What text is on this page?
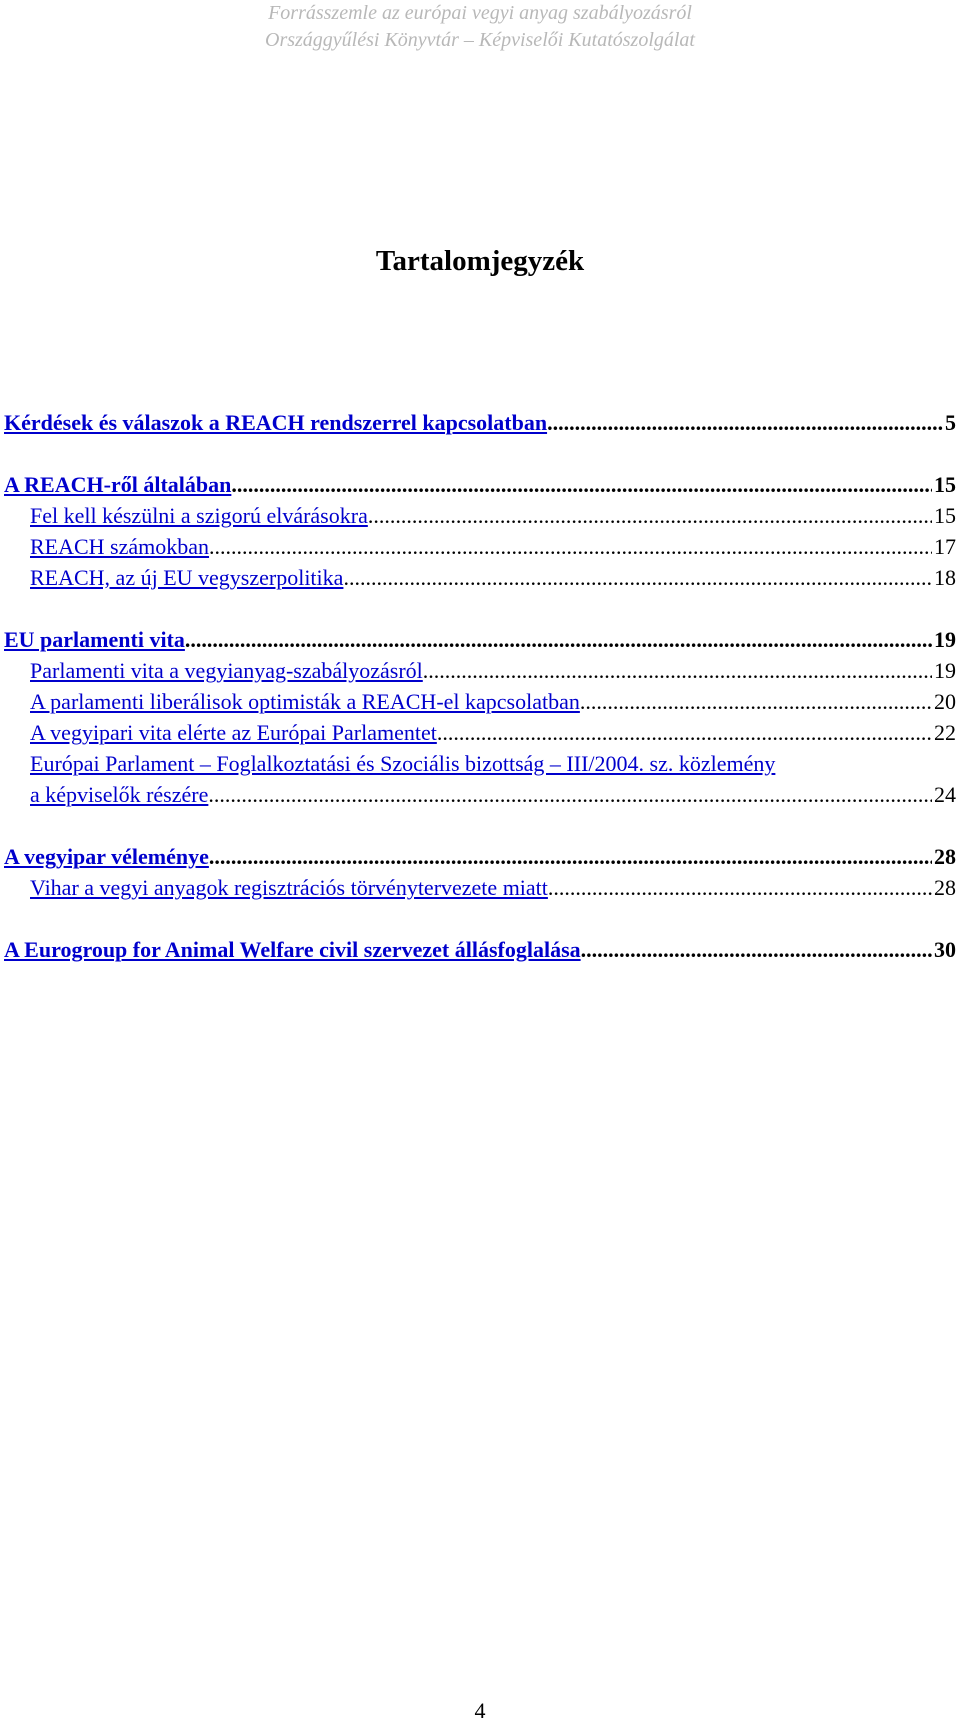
Forrásszemle az európai vegyi anyag szabályozásról
Országgyűlési Könyvtár – Képviselői Kutatószolgálat
Tartalomjegyzék
Kérdések és válaszok a REACH rendszerrel kapcsolatban .....	5
A REACH-ről általában .....	15
Fel kell készülni a szigorú elvárásokra .....	15
REACH számokban .....	17
REACH, az új EU vegyszerpolitika .....	18
EU parlamenti vita .....	19
Parlamenti vita a vegyianyag-szabályozásról .....	19
A parlamenti liberálisok optimisták a REACH-el kapcsolatban .....	20
A vegyipari vita elérte az Európai Parlamentet .....	22
Európai Parlament – Foglalkoztatási és Szociális bizottság – III/2004. sz. közlemény
a képviselők részére .....	24
A vegyipar véleménye .....	28
Vihar a vegyi anyagok regisztrációs törvénytervezete miatt .....	28
A Eurogroup for Animal Welfare civil szervezet állásfoglalása .....	30
4
